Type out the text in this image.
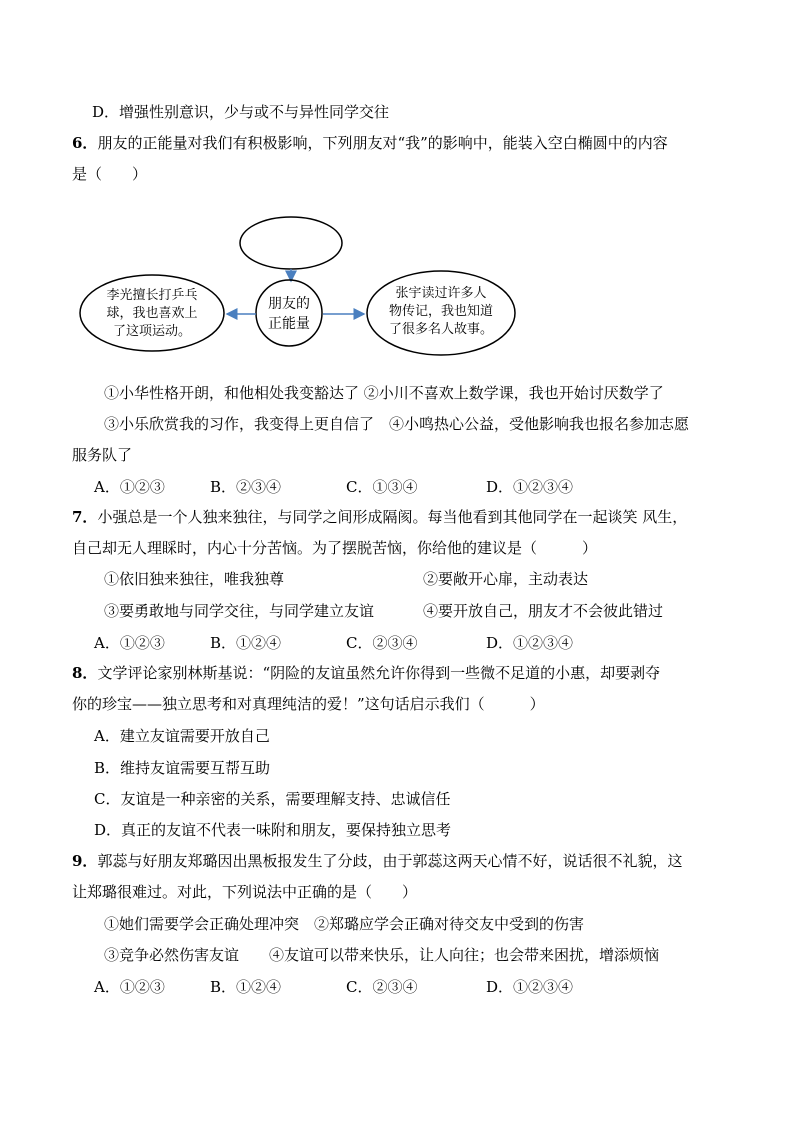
D．增强性别意识，少与或不与异性同学交往
6．朋友的正能量对我们有积极影响，下列朋友对“我”的影响中，能装入空白椭圆中的内容
是（　　）
朋友的
正能量
李光擅长打乒乓
球，我也喜欢上
了这项运动。
张宇读过许多人
物传记，我也知道
了很多名人故事。
①小华性格开朗，和他相处我变豁达了 ②小川不喜欢上数学课，我也开始讨厌数学了
③小乐欣赏我的习作，我变得上更自信了　④小鸣热心公益，受他影响我也报名参加志愿
服务队了
A．①②③	B．②③④	C．①③④	D．①②③④
7．小强总是一个人独来独往，与同学之间形成隔阂。每当他看到其他同学在一起谈笑 风生，
自己却无人理睬时，内心十分苦恼。为了摆脱苦恼，你给他的建议是（　　　）
①依旧独来独往，唯我独尊	②要敞开心扉，主动表达
③要勇敢地与同学交往，与同学建立友谊	④要开放自己，朋友才不会彼此错过
A．①②③	B．①②④	C．②③④	D．①②③④
8．文学评论家别林斯基说：“阴险的友谊虽然允许你得到一些微不足道的小惠，却要剥夺
你的珍宝——独立思考和对真理纯洁的爱！”这句话启示我们（　　　）
A．建立友谊需要开放自己
B．维持友谊需要互帮互助
C．友谊是一种亲密的关系，需要理解支持、忠诚信任
D．真正的友谊不代表一味附和朋友，要保持独立思考
9．郭蕊与好朋友郑璐因出黑板报发生了分歧，由于郭蕊这两天心情不好，说话很不礼貌，这
让郑璐很难过。对此，下列说法中正确的是（　　）
①她们需要学会正确处理冲突　②郑璐应学会正确对待交友中受到的伤害
③竞争必然伤害友谊　　④友谊可以带来快乐，让人向往；也会带来困扰，增添烦恼
A．①②③	B．①②④	C．②③④	D．①②③④
